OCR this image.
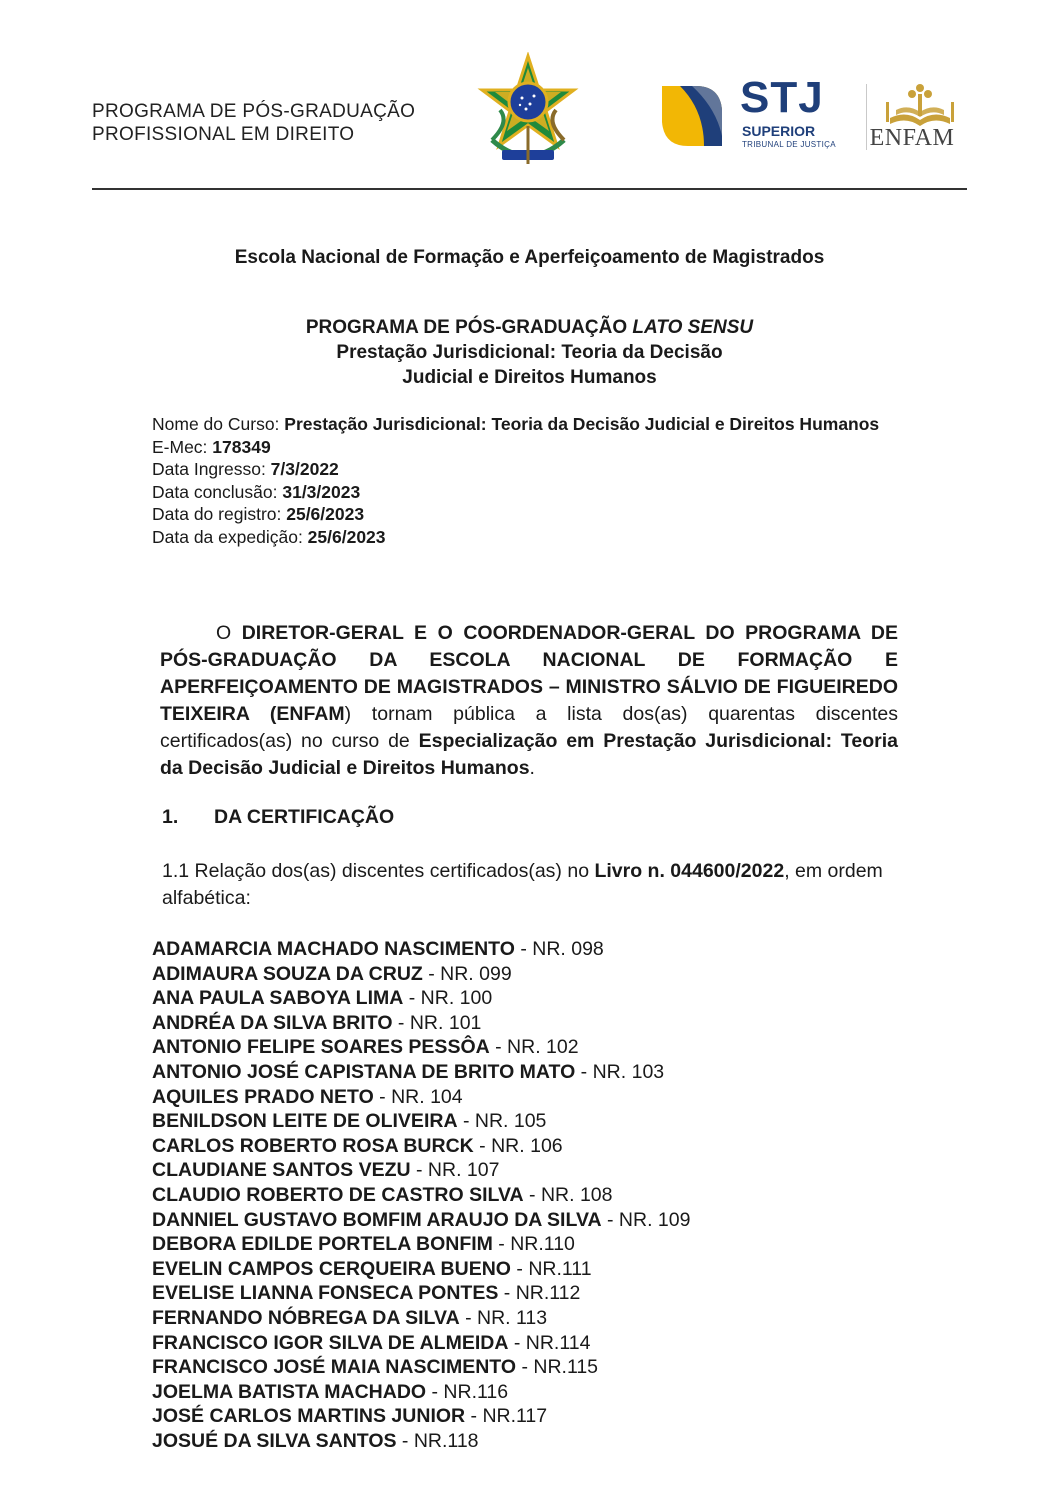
PROGRAMA DE PÓS-GRADUAÇÃO
PROFISSIONAL EM DIREITO
STJ
SUPERIOR
TRIBUNAL DE JUSTIÇA ENFAM
Escola Nacional de Formação e Aperfeiçoamento de Magistrados
PROGRAMA DE PÓS-GRADUAÇÃO LATO SENSU
Prestação Jurisdicional: Teoria da Decisão
Judicial e Direitos Humanos
Nome do Curso: Prestação Jurisdicional: Teoria da Decisão Judicial e Direitos Humanos
E-Mec: 178349
Data Ingresso: 7/3/2022
Data conclusão: 31/3/2023
Data do registro: 25/6/2023
Data da expedição: 25/6/2023
O DIRETOR-GERAL E O COORDENADOR-GERAL DO PROGRAMA DE PÓS-GRADUAÇÃO DA ESCOLA NACIONAL DE FORMAÇÃO E APERFEIÇOAMENTO DE MAGISTRADOS – MINISTRO SÁLVIO DE FIGUEIREDO TEIXEIRA (ENFAM) tornam pública a lista dos(as) quarentas discentes certificados(as) no curso de Especialização em Prestação Jurisdicional: Teoria da Decisão Judicial e Direitos Humanos.
1. DA CERTIFICAÇÃO
1.1 Relação dos(as) discentes certificados(as) no Livro n. 044600/2022, em ordem alfabética:
ADAMARCIA MACHADO NASCIMENTO - NR. 098
ADIMAURA SOUZA DA CRUZ - NR. 099
ANA PAULA SABOYA LIMA - NR. 100
ANDRÉA DA SILVA BRITO - NR. 101
ANTONIO FELIPE SOARES PESSÔA - NR. 102
ANTONIO JOSÉ CAPISTANA DE BRITO MATO - NR. 103
AQUILES PRADO NETO - NR. 104
BENILDSON LEITE DE OLIVEIRA - NR. 105
CARLOS ROBERTO ROSA BURCK - NR. 106
CLAUDIANE SANTOS VEZU - NR. 107
CLAUDIO ROBERTO DE CASTRO SILVA - NR. 108
DANNIEL GUSTAVO BOMFIM ARAUJO DA SILVA - NR. 109
DEBORA EDILDE PORTELA BONFIM - NR.110
EVELIN CAMPOS CERQUEIRA BUENO - NR.111
EVELISE LIANNA FONSECA PONTES - NR.112
FERNANDO NÓBREGA DA SILVA - NR. 113
FRANCISCO IGOR SILVA DE ALMEIDA - NR.114
FRANCISCO JOSÉ MAIA NASCIMENTO - NR.115
JOELMA BATISTA MACHADO - NR.116
JOSÉ CARLOS MARTINS JUNIOR - NR.117
JOSUÉ DA SILVA SANTOS - NR.118
